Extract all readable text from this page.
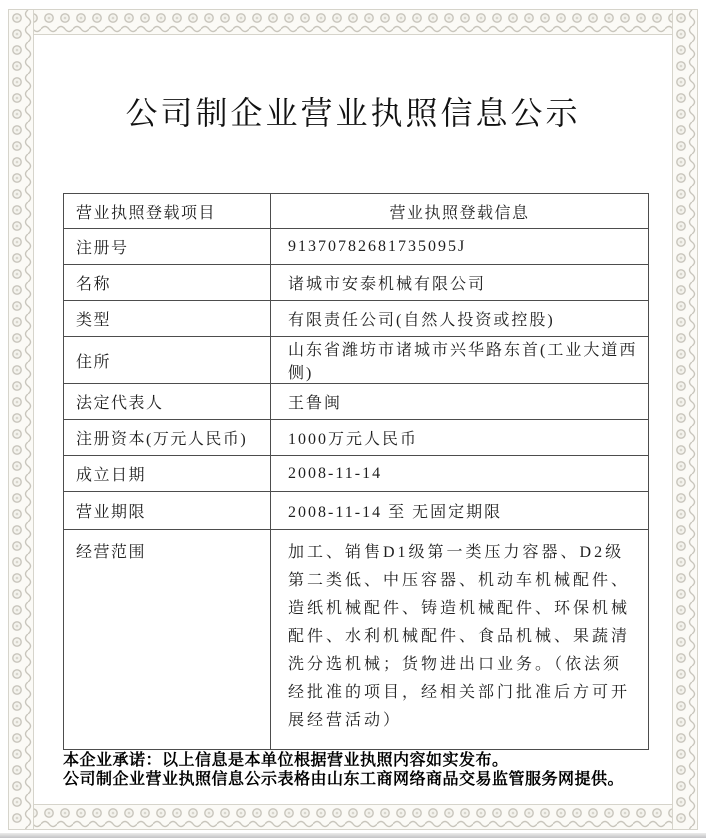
公司制企业营业执照信息公示
营业执照登载项目	营业执照登载信息
注册号	91370782681735095J
名称	诸城市安泰机械有限公司
类型	有限责任公司(自然人投资或控股)
住所	山东省潍坊市诸城市兴华路东首(工业大道西侧)
法定代表人	王鲁闽
注册资本(万元人民币)	1000万元人民币
成立日期	2008-11-14
营业期限	2008-11-14 至 无固定期限
经营范围	加工、销售D1级第一类压力容器、D2级第二类低、中压容器、机动车机械配件、造纸机械配件、铸造机械配件、环保机械配件、水利机械配件、食品机械、果蔬清洗分选机械；货物进出口业务。（依法须经批准的项目，经相关部门批准后方可开展经营活动）

本企业承诺：以上信息是本单位根据营业执照内容如实发布。

公司制企业营业执照信息公示表格由山东工商网络商品交易监管服务网提供。
